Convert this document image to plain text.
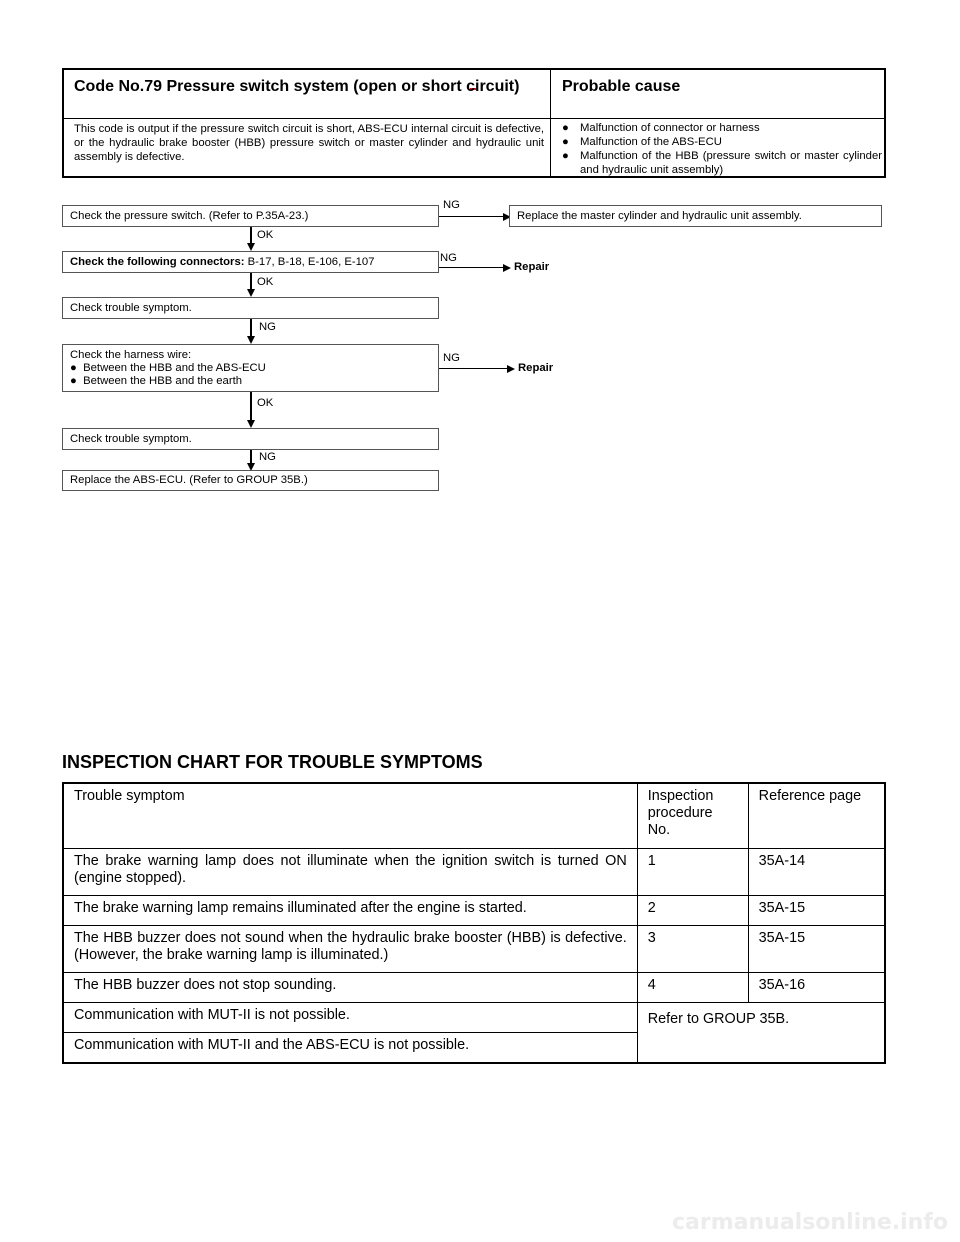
Code No.79 Pressure switch system (open or short circuit)	Probable cause
This code is output if the pressure switch circuit is short, ABS-ECU internal circuit is defective, or the hydraulic brake booster (HBB) pressure switch or master cylinder and hydraulic unit assembly is defective.
● Malfunction of connector or harness
● Malfunction of the ABS-ECU
● Malfunction of the HBB (pressure switch or master cylinder and hydraulic unit assembly)
Check the pressure switch. (Refer to P.35A-23.)
NG
Replace the master cylinder and hydraulic unit assembly.
OK
Check the following connectors: B-17, B-18, E-106, E-107	NG
Repair
OK
Check trouble symptom.
NG
Check the harness wire:
● Between the HBB and the ABS-ECU
● Between the HBB and the earth
NG
Repair
OK
Check trouble symptom.
NG
Replace the ABS-ECU. (Refer to GROUP 35B.)
INSPECTION CHART FOR TROUBLE SYMPTOMS
Trouble symptom	Inspection procedure No.	Reference page
The brake warning lamp does not illuminate when the ignition switch is turned ON (engine stopped).	1	35A-14
The brake warning lamp remains illuminated after the engine is started.	2	35A-15
The HBB buzzer does not sound when the hydraulic brake booster (HBB) is defective. (However, the brake warning lamp is illuminated.)	3	35A-15
The HBB buzzer does not stop sounding.	4	35A-16
Communication with MUT-II is not possible.	Refer to GROUP 35B.	
Communication with MUT-II and the ABS-ECU is not possible.		
carmanualsonline.info
